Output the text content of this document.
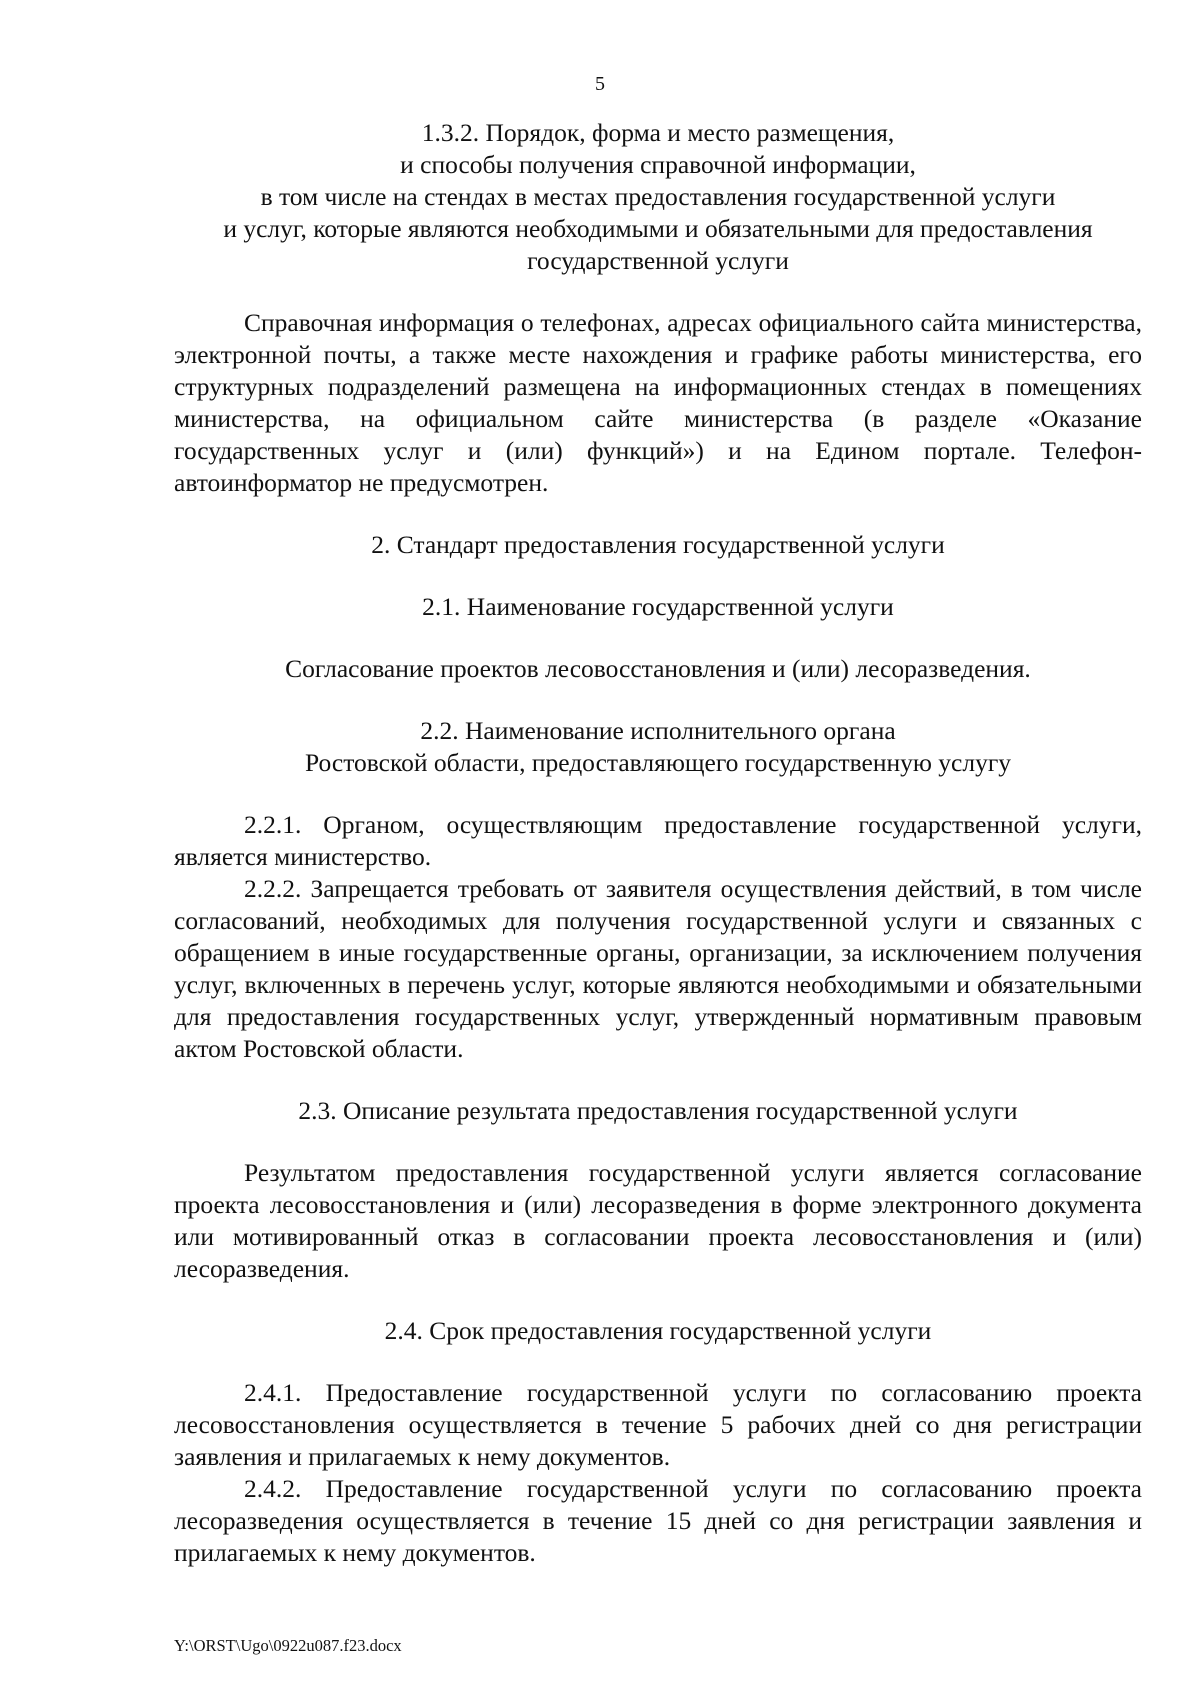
5
1.3.2. Порядок, форма и место размещения,
и способы получения справочной информации,
в том числе на стендах в местах предоставления государственной услуги
и услуг, которые являются необходимыми и обязательными для предоставления
государственной услуги

Справочная информация о телефонах, адресах официального сайта министерства, электронной почты, а также месте нахождения и графике работы министерства, его структурных подразделений размещена на информационных стендах в помещениях министерства, на официальном сайте министерства (в разделе «Оказание государственных услуг и (или) функций») и на Едином портале. Телефон-автоинформатор не предусмотрен.

2. Стандарт предоставления государственной услуги

2.1. Наименование государственной услуги

Согласование проектов лесовосстановления и (или) лесоразведения.

2.2. Наименование исполнительного органа
Ростовской области, предоставляющего государственную услугу

2.2.1. Органом, осуществляющим предоставление государственной услуги, является министерство.

2.2.2. Запрещается требовать от заявителя осуществления действий, в том числе согласований, необходимых для получения государственной услуги и связанных с обращением в иные государственные органы, организации, за исключением получения услуг, включенных в перечень услуг, которые являются необходимыми и обязательными для предоставления государственных услуг, утвержденный нормативным правовым актом Ростовской области.

2.3. Описание результата предоставления государственной услуги

Результатом предоставления государственной услуги является согласование проекта лесовосстановления и (или) лесоразведения в форме электронного документа или мотивированный отказ в согласовании проекта лесовосстановления и (или) лесоразведения.

2.4. Срок предоставления государственной услуги

2.4.1. Предоставление государственной услуги по согласованию проекта лесовосстановления осуществляется в течение 5 рабочих дней со дня регистрации заявления и прилагаемых к нему документов.

2.4.2. Предоставление государственной услуги по согласованию проекта лесоразведения осуществляется в течение 15 дней со дня регистрации заявления и прилагаемых к нему документов.

Y:\ORST\Ugo\0922u087.f23.docx
